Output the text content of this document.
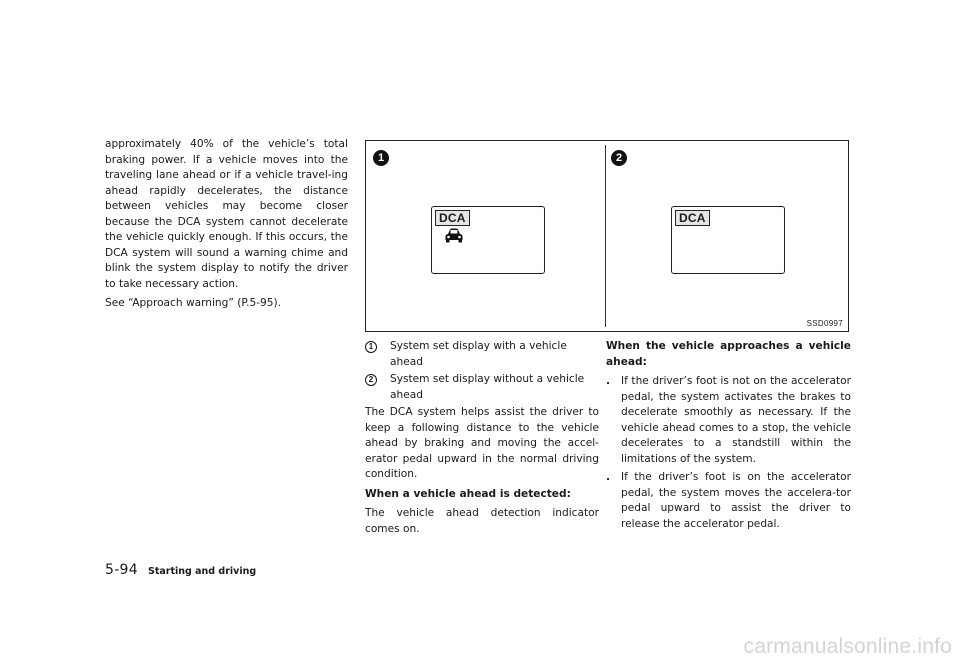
approximately 40% of the vehicle’s total braking power. If a vehicle moves into the traveling lane ahead or if a vehicle travel-ing ahead rapidly decelerates, the distance between vehicles may become closer because the DCA system cannot decelerate the vehicle quickly enough. If this occurs, the DCA system will sound a warning chime and blink the system display to notify the driver to take necessary action.

See “Approach warning” (P.5-95).

1
DCA
2
DCA
SSD0997
1	System set display with a vehicle ahead
2	System set display without a vehicle ahead

The DCA system helps assist the driver to keep a following distance to the vehicle ahead by braking and moving the accel-erator pedal upward in the normal driving condition.

When a vehicle ahead is detected:

The vehicle ahead detection indicator comes on.

When the vehicle approaches a vehicle ahead:

. If the driver’s foot is not on the accelerator pedal, the system activates the brakes to decelerate smoothly as necessary. If the vehicle ahead comes to a stop, the vehicle decelerates to a standstill within the limitations of the system.
. If the driver’s foot is on the accelerator pedal, the system moves the accelera-tor pedal upward to assist the driver to release the accelerator pedal.
5-94 Starting and driving
carmanualsonline.info
